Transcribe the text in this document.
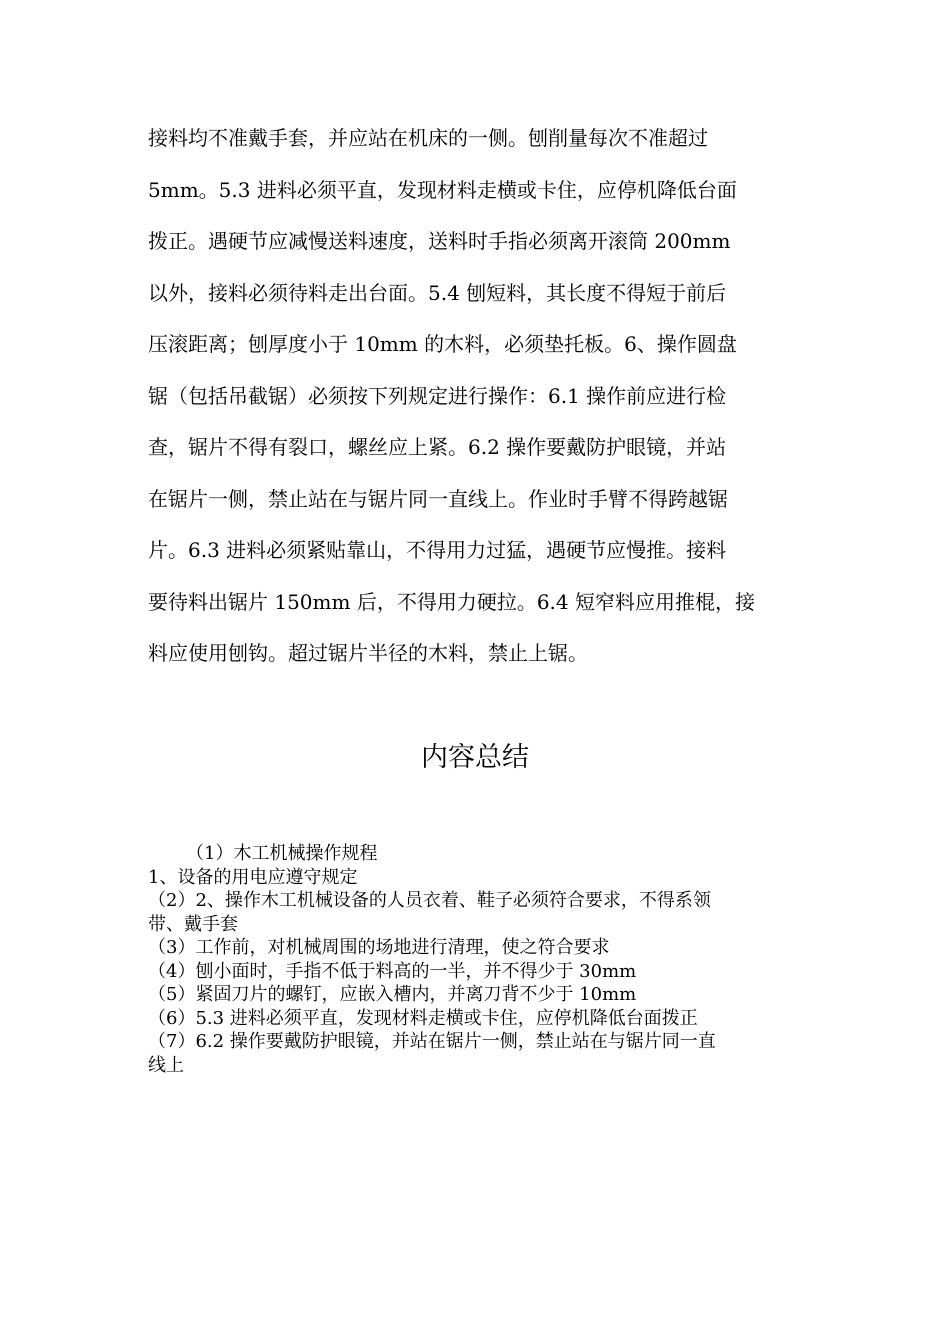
接料均不准戴手套，并应站在机床的一侧。刨削量每次不准超过
5mm。5.3 进料必须平直，发现材料走横或卡住，应停机降低台面
拨正。遇硬节应减慢送料速度，送料时手指必须离开滚筒 200mm
以外，接料必须待料走出台面。5.4 刨短料，其长度不得短于前后
压滚距离；刨厚度小于 10mm 的木料，必须垫托板。6、操作圆盘
锯（包括吊截锯）必须按下列规定进行操作：6.1 操作前应进行检
查，锯片不得有裂口，螺丝应上紧。6.2 操作要戴防护眼镜，并站
在锯片一侧，禁止站在与锯片同一直线上。作业时手臂不得跨越锯
片。6.3 进料必须紧贴靠山，不得用力过猛，遇硬节应慢推。接料
要待料出锯片 150mm 后，不得用力硬拉。6.4 短窄料应用推棍，接
料应使用刨钩。超过锯片半径的木料，禁止上锯。
内容总结
（1）木工机械操作规程
1、设备的用电应遵守规定
（2）2、操作木工机械设备的人员衣着、鞋子必须符合要求，不得系领
带、戴手套
（3）工作前，对机械周围的场地进行清理，使之符合要求
（4）刨小面时，手指不低于料高的一半，并不得少于 30mm
（5）紧固刀片的螺钉，应嵌入槽内，并离刀背不少于 10mm
（6）5.3 进料必须平直，发现材料走横或卡住，应停机降低台面拨正
（7）6.2 操作要戴防护眼镜，并站在锯片一侧，禁止站在与锯片同一直
线上
